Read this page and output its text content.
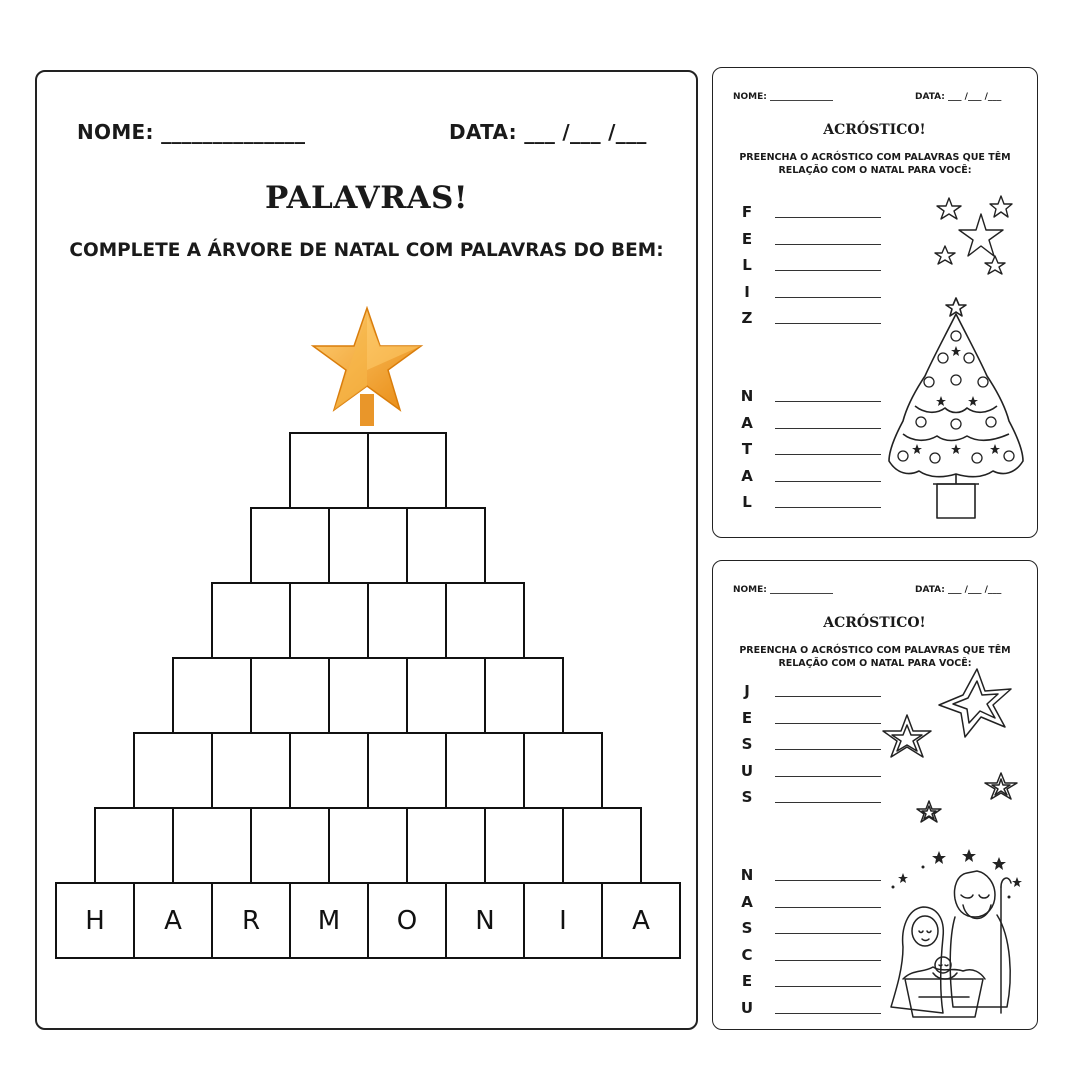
NOME: ______________	DATA: ___ /___ /___
PALAVRAS!
COMPLETE A ÁRVORE DE NATAL COM PALAVRAS DO BEM:
H	A	R	M	O	N	I	A
NOME: ______________	DATA: ___ /___ /___
ACRÓSTICO!
PREENCHA O ACRÓSTICO COM PALAVRAS QUE TÊM RELAÇÃO COM O NATAL PARA VOCÊ:
F
E
L
I
Z
N
A
T
A
L
NOME: ______________	DATA: ___ /___ /___
ACRÓSTICO!
PREENCHA O ACRÓSTICO COM PALAVRAS QUE TÊM RELAÇÃO COM O NATAL PARA VOCÊ:
J
E
S
U
S
N
A
S
C
E
U
